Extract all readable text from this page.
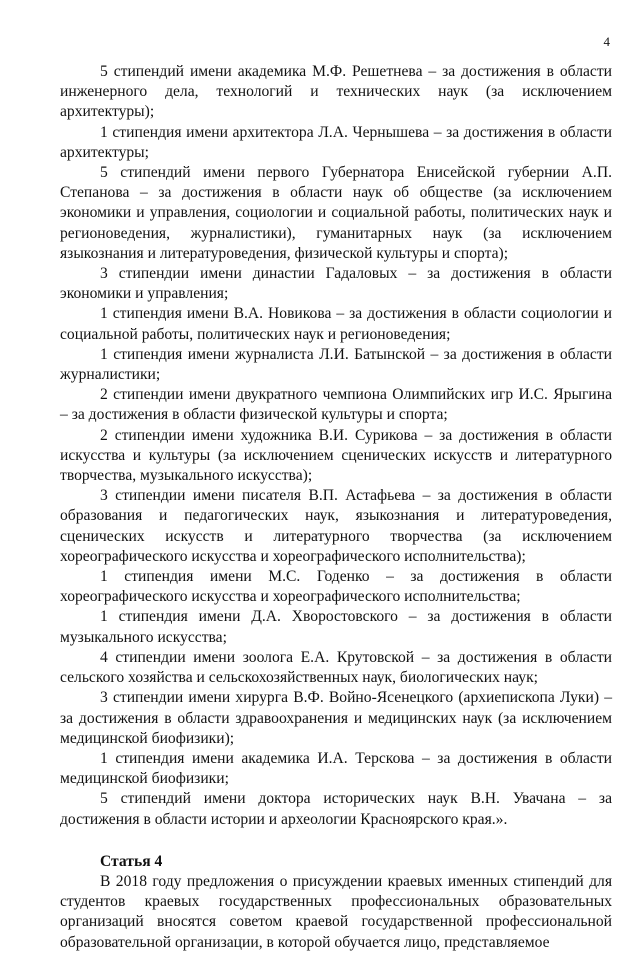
4

5 стипендий имени академика М.Ф. Решетнева – за достижения в области инженерного дела, технологий и технических наук (за исключением архитектуры);

1 стипендия имени архитектора Л.А. Чернышева – за достижения в области архитектуры;

5 стипендий имени первого Губернатора Енисейской губернии А.П. Степанова – за достижения в области наук об обществе (за исключением экономики и управления, социологии и социальной работы, политических наук и регионоведения, журналистики), гуманитарных наук (за исключением языкознания и литературоведения, физической культуры и спорта);

3 стипендии имени династии Гадаловых – за достижения в области экономики и управления;

1 стипендия имени В.А. Новикова – за достижения в области социологии и социальной работы, политических наук и регионоведения;

1 стипендия имени журналиста Л.И. Батынской – за достижения в области журналистики;

2 стипендии имени двукратного чемпиона Олимпийских игр И.С. Ярыгина – за достижения в области физической культуры и спорта;

2 стипендии имени художника В.И. Сурикова – за достижения в области искусства и культуры (за исключением сценических искусств и литературного творчества, музыкального искусства);

3 стипендии имени писателя В.П. Астафьева – за достижения в области образования и педагогических наук, языкознания и литературоведения, сценических искусств и литературного творчества (за исключением хореографического искусства и хореографического исполнительства);

1 стипендия имени М.С. Годенко – за достижения в области хореографического искусства и хореографического исполнительства;

1 стипендия имени Д.А. Хворостовского – за достижения в области музыкального искусства;

4 стипендии имени зоолога Е.А. Крутовской – за достижения в области сельского хозяйства и сельскохозяйственных наук, биологических наук;

3 стипендии имени хирурга В.Ф. Войно-Ясенецкого (архиепископа Луки) – за достижения в области здравоохранения и медицинских наук (за исключением медицинской биофизики);

1 стипендия имени академика И.А. Терскова – за достижения в области медицинской биофизики;

5 стипендий имени доктора исторических наук В.Н. Увачана – за достижения в области истории и археологии Красноярского края.».

Статья 4

В 2018 году предложения о присуждении краевых именных стипендий для студентов краевых государственных профессиональных образовательных организаций вносятся советом краевой государственной профессиональной образовательной организации, в которой обучается лицо, представляемое
